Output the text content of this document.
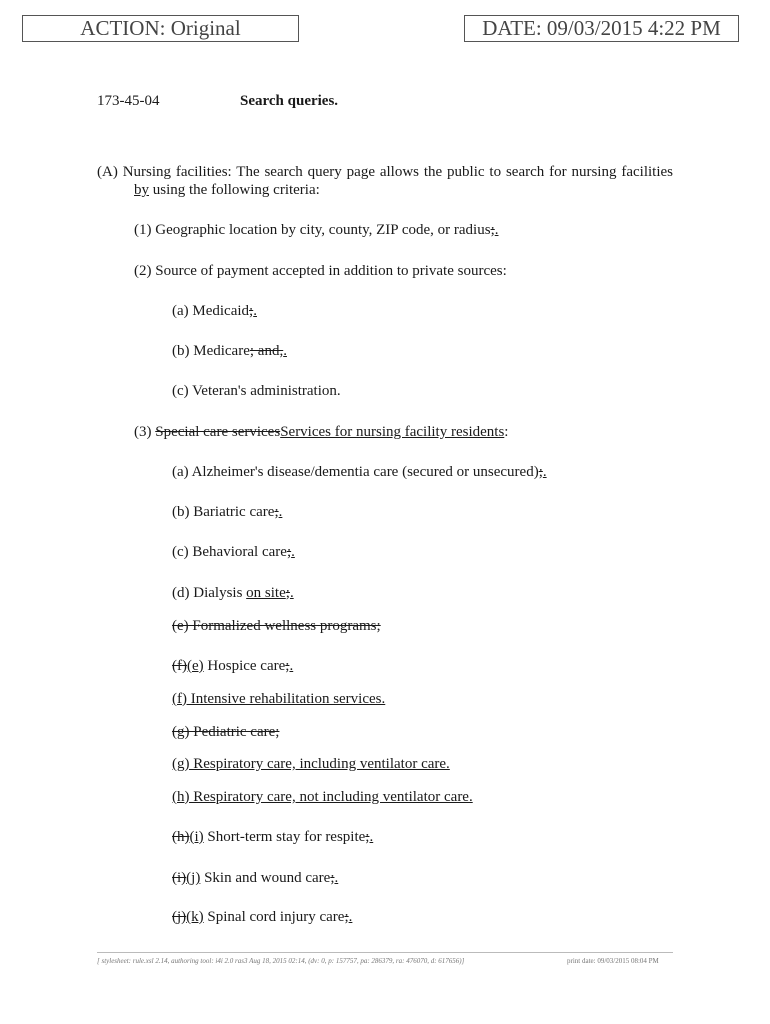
ACTION: Original	DATE: 09/03/2015 4:22 PM
173-45-04	Search queries.
(A) Nursing facilities: The search query page allows the public to search for nursing facilities by using the following criteria:
(1) Geographic location by city, county, ZIP code, or radius;.
(2) Source of payment accepted in addition to private sources:
(a) Medicaid;.
(b) Medicare; and,.
(c) Veteran's administration.
(3) Special care servicesServices for nursing facility residents:
(a) Alzheimer's disease/dementia care (secured or unsecured);.
(b) Bariatric care;.
(c) Behavioral care;.
(d) Dialysis on site;.
(e) Formalized wellness programs;
(f)(e) Hospice care;.
(f) Intensive rehabilitation services.
(g) Pediatric care;
(g) Respiratory care, including ventilator care.
(h) Respiratory care, not including ventilator care.
(h)(i) Short-term stay for respite;.
(i)(j) Skin and wound care;.
(j)(k) Spinal cord injury care;.
[ stylesheet: rule.xsl 2.14, authoring tool: i4i 2.0 ras3 Aug 18, 2015 02:14, (dv: 0, p: 157757, pa: 286379, ra: 476070, d: 617656)]	print date: 09/03/2015 08:04 PM
